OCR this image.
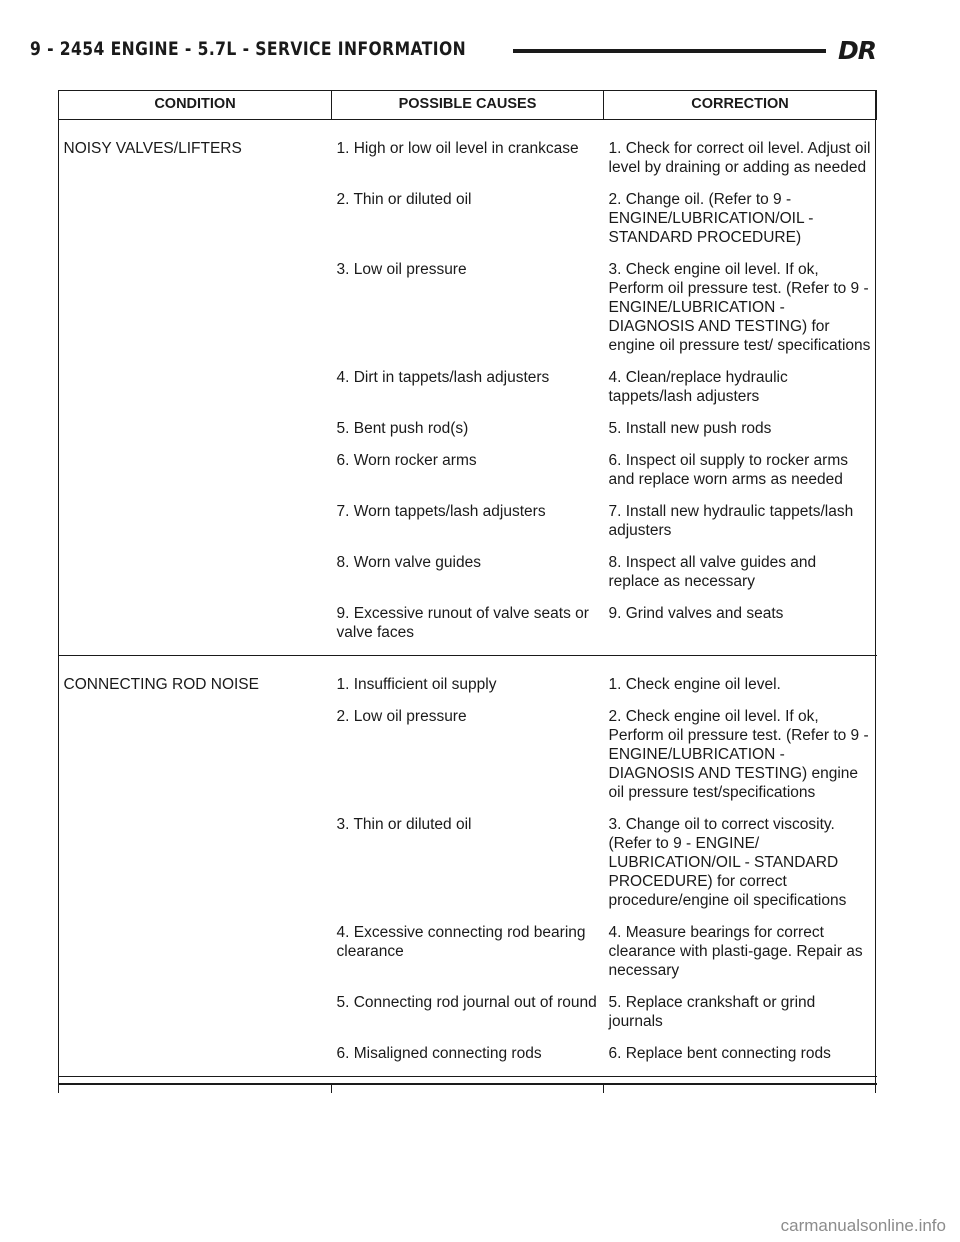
9 - 2454 ENGINE - 5.7L - SERVICE INFORMATION	DR
CONDITION	POSSIBLE CAUSES	CORRECTION
NOISY VALVES/LIFTERS	1. High or low oil level in crankcase	1. Check for correct oil level. Adjust oil level by draining or adding as needed
	2. Thin or diluted oil	2. Change oil. (Refer to 9 - ENGINE/LUBRICATION/OIL - STANDARD PROCEDURE)
	3. Low oil pressure	3. Check engine oil level. If ok, Perform oil pressure test. (Refer to 9 - ENGINE/LUBRICATION - DIAGNOSIS AND TESTING) for engine oil pressure test/ specifications
	4. Dirt in tappets/lash adjusters	4. Clean/replace hydraulic tappets/lash adjusters
	5. Bent push rod(s)	5. Install new push rods
	6. Worn rocker arms	6. Inspect oil supply to rocker arms and replace worn arms as needed
	7. Worn tappets/lash adjusters	7. Install new hydraulic tappets/lash adjusters
	8. Worn valve guides	8. Inspect all valve guides and replace as necessary
	9. Excessive runout of valve seats or valve faces	9. Grind valves and seats
CONNECTING ROD NOISE	1. Insufficient oil supply	1. Check engine oil level.
	2. Low oil pressure	2. Check engine oil level. If ok, Perform oil pressure test. (Refer to 9 - ENGINE/LUBRICATION - DIAGNOSIS AND TESTING) engine oil pressure test/specifications
	3. Thin or diluted oil	3. Change oil to correct viscosity. (Refer to 9 - ENGINE/ LUBRICATION/OIL - STANDARD PROCEDURE) for correct procedure/engine oil specifications
	4. Excessive connecting rod bearing clearance	4. Measure bearings for correct clearance with plasti-gage. Repair as necessary
	5. Connecting rod journal out of round	5. Replace crankshaft or grind journals
	6. Misaligned connecting rods	6. Replace bent connecting rods

carmanualsonline.info
